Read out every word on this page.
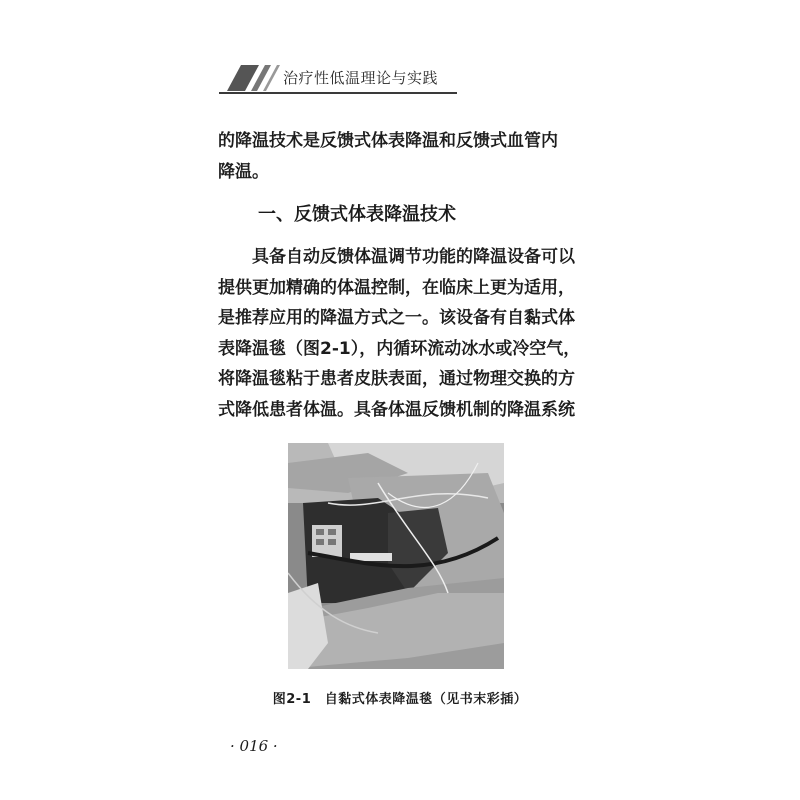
治疗性低温理论与实践
的降温技术是反馈式体表降温和反馈式血管内
降温。
一、反馈式体表降温技术
具备自动反馈体温调节功能的降温设备可以
提供更加精确的体温控制，在临床上更为适用，
是推荐应用的降温方式之一。该设备有自黏式体
表降温毯（图2-1），内循环流动冰水或冷空气，
将降温毯粘于患者皮肤表面，通过物理交换的方
式降低患者体温。具备体温反馈机制的降温系统
图2-1　自黏式体表降温毯（见书末彩插）
· 016 ·
